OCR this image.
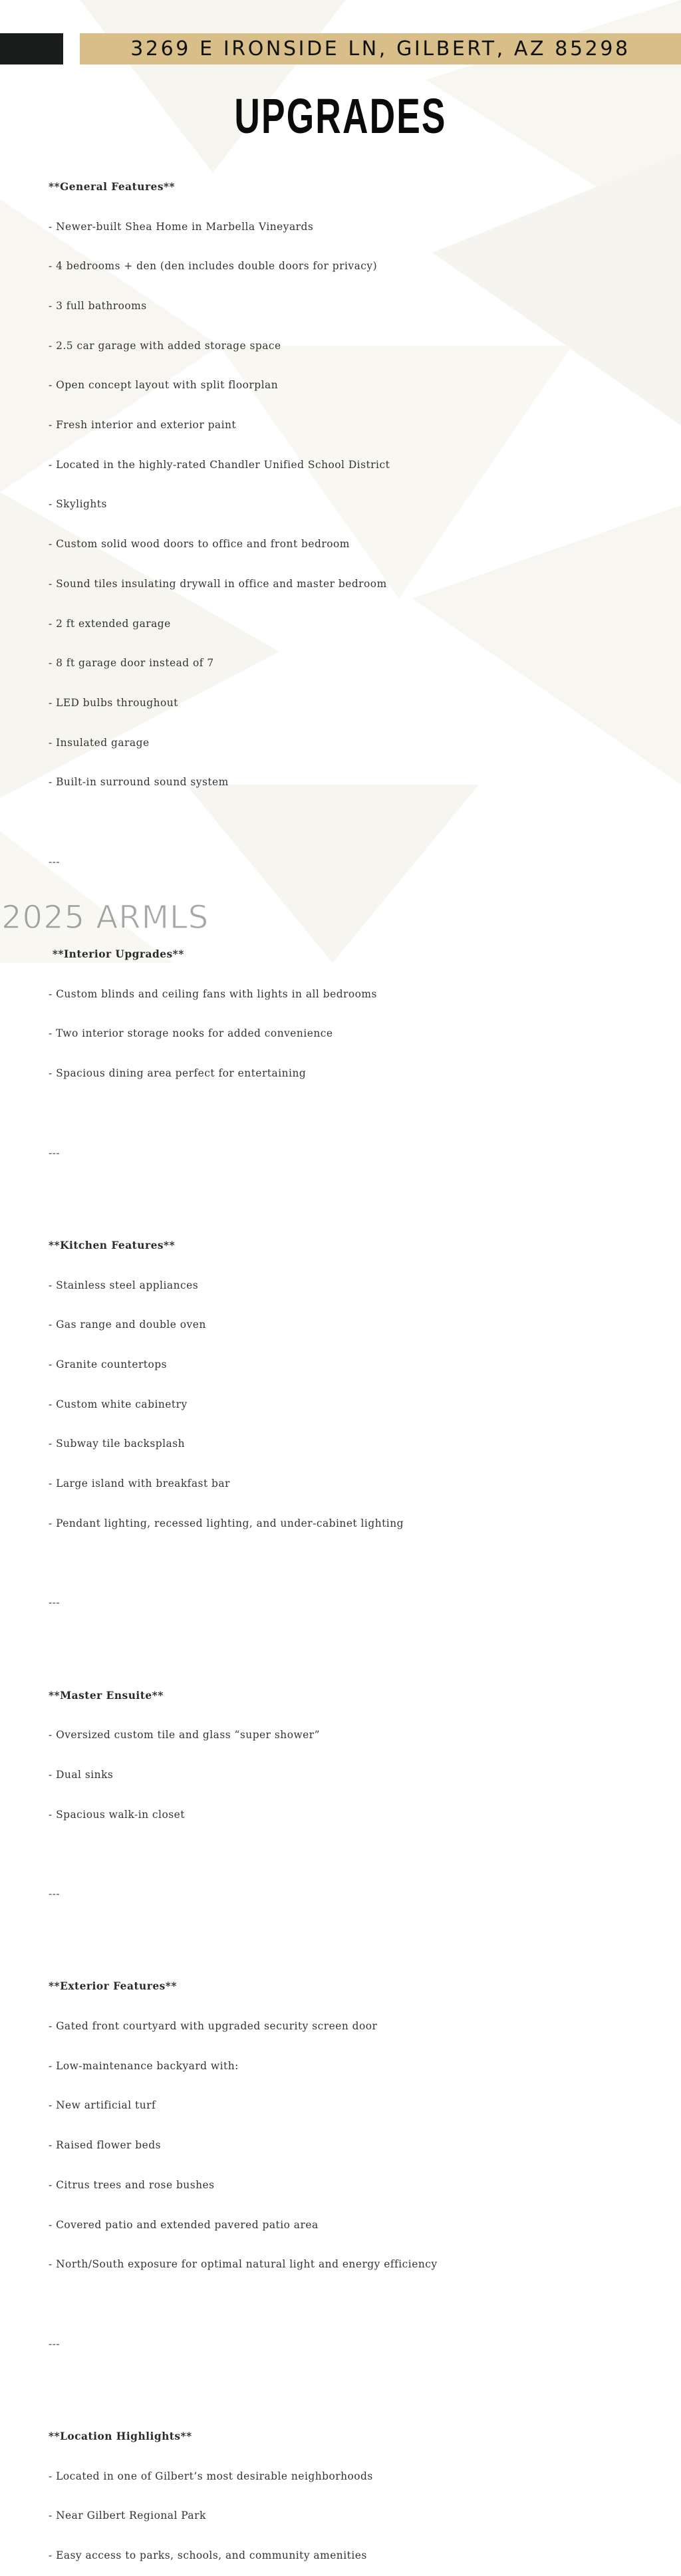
3269 E IRONSIDE LN, GILBERT, AZ 85298
UPGRADES

**General Features**

- Newer-built Shea Home in Marbella Vineyards

- 4 bedrooms + den (den includes double doors for privacy)

- 3 full bathrooms

- 2.5 car garage with added storage space

- Open concept layout with split floorplan

- Fresh interior and exterior paint

- Located in the highly-rated Chandler Unified School District

- Skylights

- Custom solid wood doors to office and front bedroom

- Sound tiles insulating drywall in office and master bedroom

- 2 ft extended garage

- 8 ft garage door instead of 7

- LED bulbs throughout

- Insulated garage

- Built-in surround sound system

---

**Interior Upgrades**

- Custom blinds and ceiling fans with lights in all bedrooms

- Two interior storage nooks for added convenience

- Spacious dining area perfect for entertaining

---

**Kitchen Features**

- Stainless steel appliances

- Gas range and double oven

- Granite countertops

- Custom white cabinetry

- Subway tile backsplash

- Large island with breakfast bar

- Pendant lighting, recessed lighting, and under-cabinet lighting

---

**Master Ensuite**

- Oversized custom tile and glass “super shower”

- Dual sinks

- Spacious walk-in closet

---

**Exterior Features**

- Gated front courtyard with upgraded security screen door

- Low-maintenance backyard with:

- New artificial turf

- Raised flower beds

- Citrus trees and rose bushes

- Covered patio and extended pavered patio area

- North/South exposure for optimal natural light and energy efficiency

---

**Location Highlights**

- Located in one of Gilbert’s most desirable neighborhoods

- Near Gilbert Regional Park

- Easy access to parks, schools, and community amenities

2025 ARMLS
